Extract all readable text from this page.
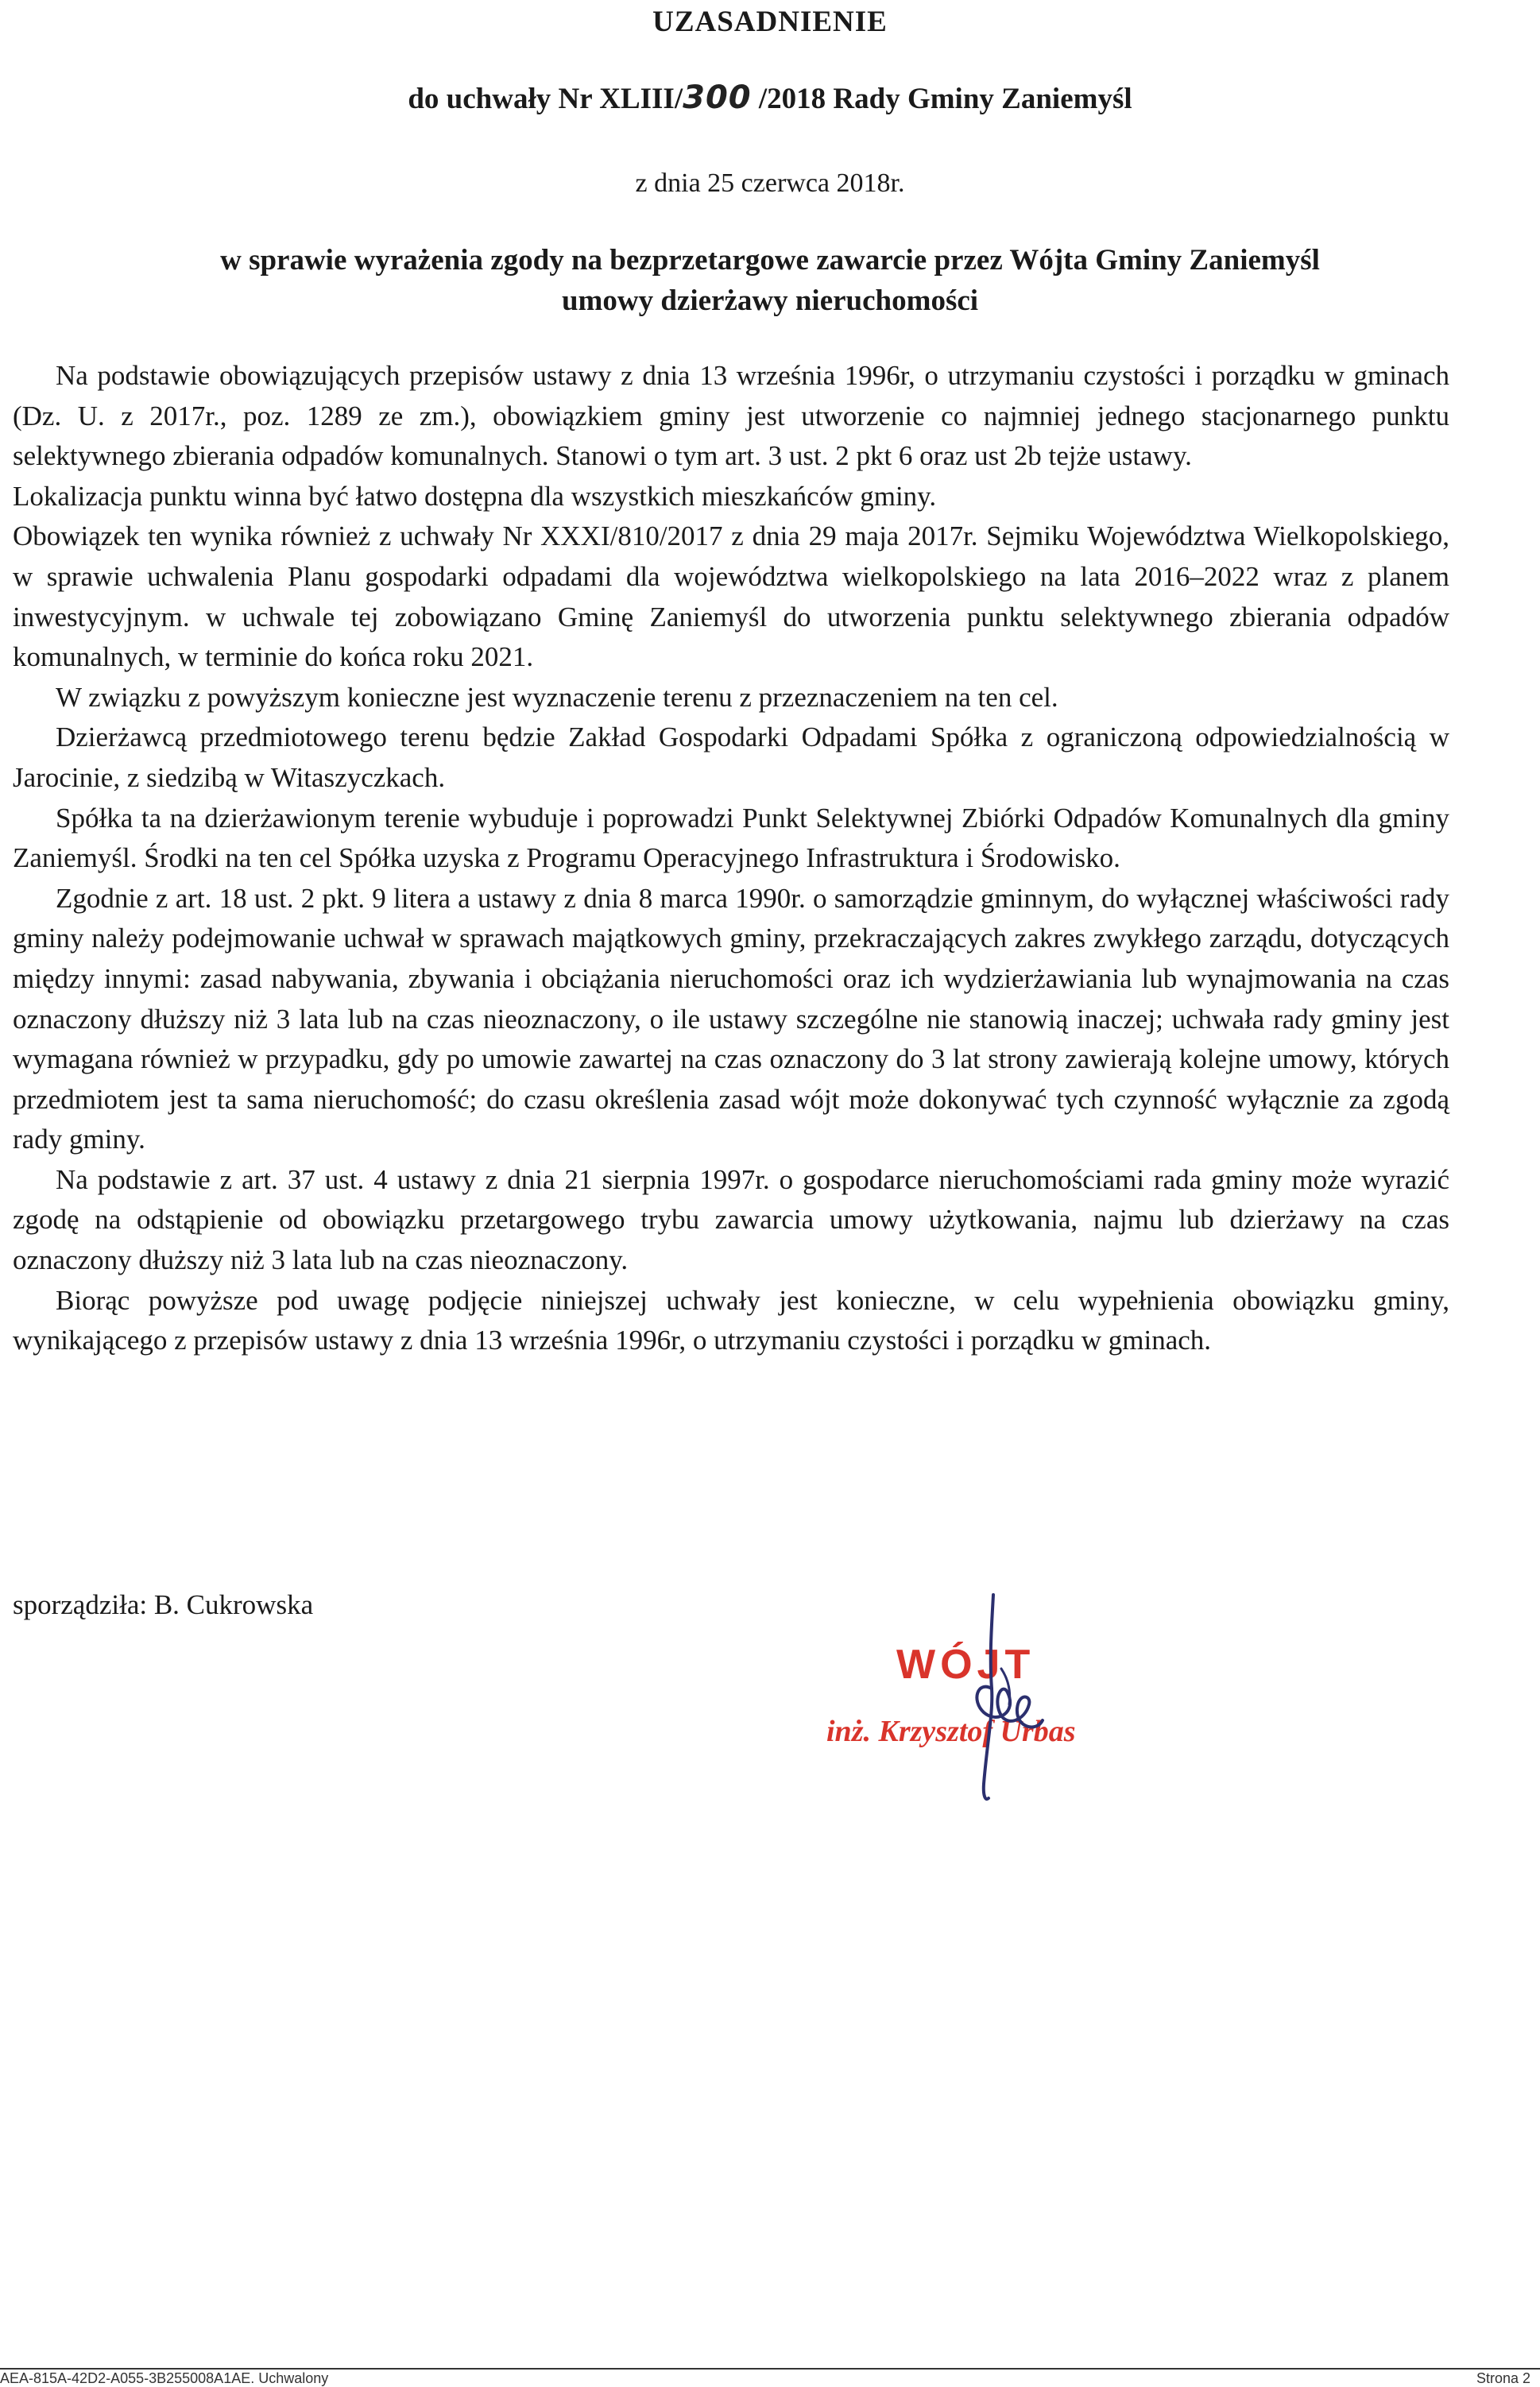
UZASADNIENIE

do uchwały Nr XLIII/300 /2018 Rady Gminy Zaniemyśl

z dnia 25 czerwca 2018r.

w sprawie wyrażenia zgody na bezprzetargowe zawarcie przez Wójta Gminy Zaniemyśl
umowy dzierżawy nieruchomości

Na podstawie obowiązujących przepisów ustawy z dnia 13 września 1996r, o utrzymaniu czystości i porządku w gminach (Dz. U. z 2017r., poz. 1289 ze zm.), obowiązkiem gminy jest utworzenie co najmniej jednego stacjonarnego punktu selektywnego zbierania odpadów komunalnych. Stanowi o tym art. 3 ust. 2 pkt 6 oraz ust 2b tejże ustawy.

Lokalizacja punktu winna być łatwo dostępna dla wszystkich mieszkańców gminy.

Obowiązek ten wynika również z uchwały Nr XXXI/810/2017 z dnia 29 maja 2017r. Sejmiku Województwa Wielkopolskiego, w sprawie uchwalenia Planu gospodarki odpadami dla województwa wielkopolskiego na lata 2016–2022 wraz z planem inwestycyjnym. w uchwale tej zobowiązano Gminę Zaniemyśl do utworzenia punktu selektywnego zbierania odpadów komunalnych, w terminie do końca roku 2021.

W związku z powyższym konieczne jest wyznaczenie terenu z przeznaczeniem na ten cel.

Dzierżawcą przedmiotowego terenu będzie Zakład Gospodarki Odpadami Spółka z ograniczoną odpowiedzialnością w Jarocinie, z siedzibą w Witaszyczkach.

Spółka ta na dzierżawionym terenie wybuduje i poprowadzi Punkt Selektywnej Zbiórki Odpadów Komunalnych dla gminy Zaniemyśl. Środki na ten cel Spółka uzyska z Programu Operacyjnego Infrastruktura i Środowisko.

Zgodnie z art. 18 ust. 2 pkt. 9 litera a ustawy z dnia 8 marca 1990r. o samorządzie gminnym, do wyłącznej właściwości rady gminy należy podejmowanie uchwał w sprawach majątkowych gminy, przekraczających zakres zwykłego zarządu, dotyczących między innymi: zasad nabywania, zbywania i obciążania nieruchomości oraz ich wydzierżawiania lub wynajmowania na czas oznaczony dłuższy niż 3 lata lub na czas nieoznaczony, o ile ustawy szczególne nie stanowią inaczej; uchwała rady gminy jest wymagana również w przypadku, gdy po umowie zawartej na czas oznaczony do 3 lat strony zawierają kolejne umowy, których przedmiotem jest ta sama nieruchomość; do czasu określenia zasad wójt może dokonywać tych czynność wyłącznie za zgodą rady gminy.

Na podstawie z art. 37 ust. 4 ustawy z dnia 21 sierpnia 1997r. o gospodarce nieruchomościami rada gminy może wyrazić zgodę na odstąpienie od obowiązku przetargowego trybu zawarcia umowy użytkowania, najmu lub dzierżawy na czas oznaczony dłuższy niż 3 lata lub na czas nieoznaczony.

Biorąc powyższe pod uwagę podjęcie niniejszej uchwały jest konieczne, w celu wypełnienia obowiązku gminy, wynikającego z przepisów ustawy z dnia 13 września 1996r, o utrzymaniu czystości i porządku w gminach.

sporządziła: B. Cukrowska

WÓJT

inż. Krzysztof Urbas

AEA-815A-42D2-A055-3B255008A1AE. Uchwalony	Strona 2
